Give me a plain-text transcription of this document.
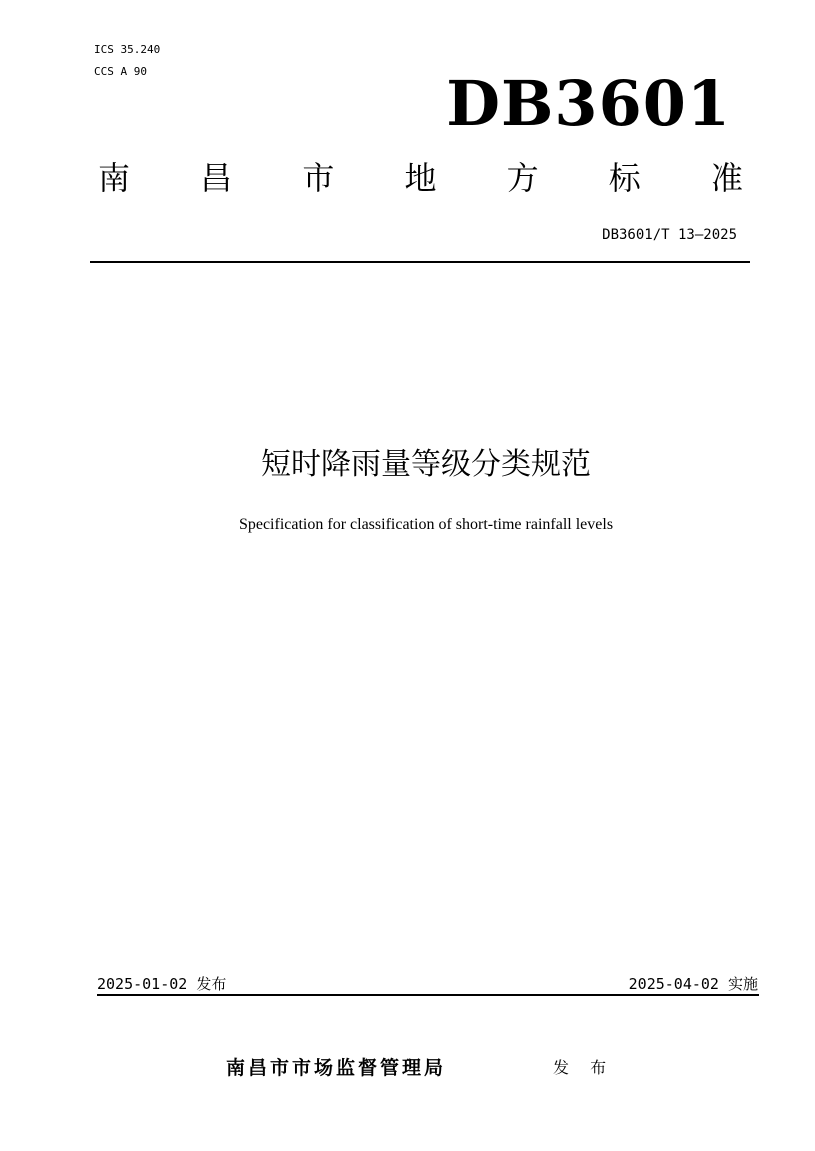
ICS 35.240
CCS A 90	DB3601
南 昌 市 地 方 标 准
DB3601/T 13—2025
短时降雨量等级分类规范
Specification for classification of short-time rainfall levels
2025-01-02 发布	2025-04-02 实施
南昌市市场监督管理局	发 布
